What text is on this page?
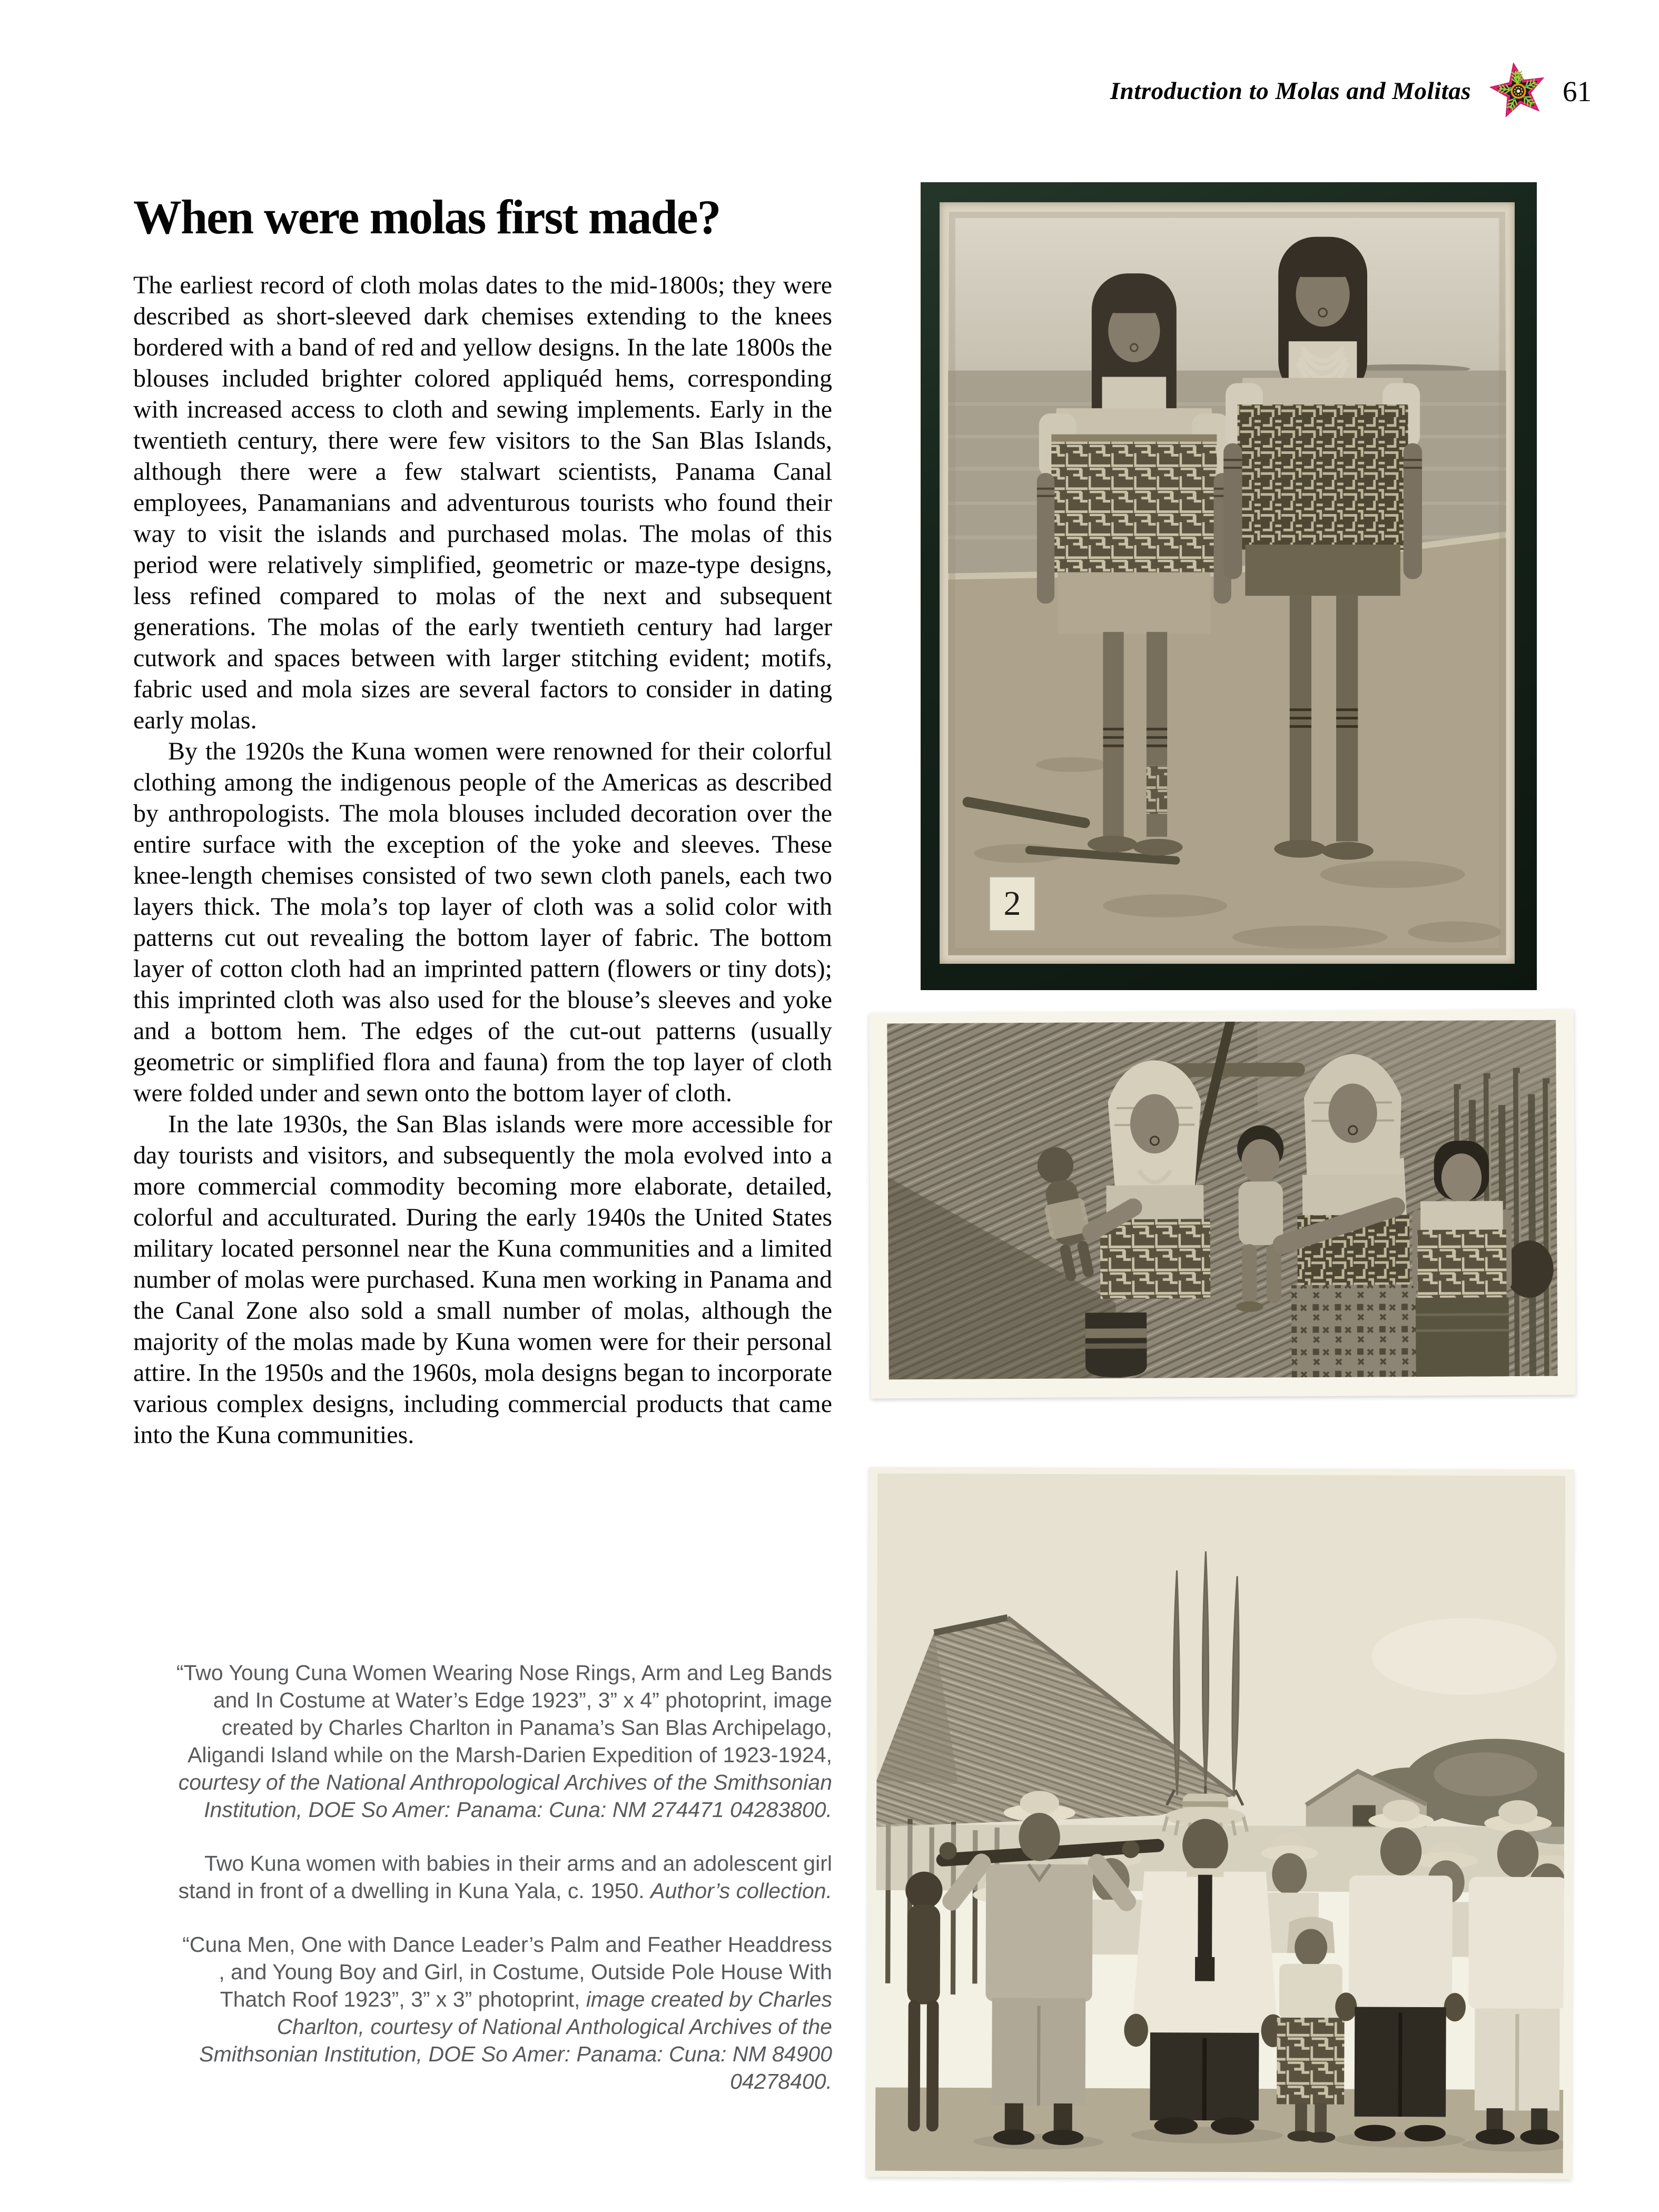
Introduction to Molas and Molitas	61
When were molas first made?

The earliest record of cloth molas dates to the mid-1800s; they were described as short-sleeved dark chemises extending to the knees bordered with a band of red and yellow designs. In the late 1800s the blouses included brighter colored appliquéd hems, corresponding with increased access to cloth and sewing implements. Early in the twentieth century, there were few visitors to the San Blas Islands, although there were a few stalwart scientists, Panama Canal employees, Panamanians and adventurous tourists who found their way to visit the islands and purchased molas. The molas of this period were relatively simplified, geometric or maze-type designs, less refined compared to molas of the next and subsequent generations. The molas of the early twentieth century had larger cutwork and spaces between with larger stitching evident; motifs, fabric used and mola sizes are several factors to consider in dating early molas.

By the 1920s the Kuna women were renowned for their colorful clothing among the indigenous people of the Americas as described by anthropologists. The mola blouses included decoration over the entire surface with the exception of the yoke and sleeves. These knee-length chemises consisted of two sewn cloth panels, each two layers thick. The mola’s top layer of cloth was a solid color with patterns cut out revealing the bottom layer of fabric. The bottom layer of cotton cloth had an imprinted pattern (flowers or tiny dots); this imprinted cloth was also used for the blouse’s sleeves and yoke and a bottom hem. The edges of the cut-out patterns (usually geometric or simplified flora and fauna) from the top layer of cloth were folded under and sewn onto the bottom layer of cloth.

In the late 1930s, the San Blas islands were more accessible for day tourists and visitors, and subsequently the mola evolved into a more commercial commodity becoming more elaborate, detailed, colorful and acculturated. During the early 1940s the United States military located personnel near the Kuna communities and a limited number of molas were purchased. Kuna men working in Panama and the Canal Zone also sold a small number of molas, although the majority of the molas made by Kuna women were for their personal attire. In the 1950s and the 1960s, mola designs began to incorporate various complex designs, including commercial products that came into the Kuna communities.

“Two Young Cuna Women Wearing Nose Rings, Arm and Leg Bands and In Costume at Water’s Edge 1923”, 3” x 4” photoprint, image created by Charles Charlton in Panama’s San Blas Archipelago, Aligandi Island while on the Marsh-Darien Expedition of 1923-1924, courtesy of the National Anthropological Archives of the Smithsonian Institution, DOE So Amer: Panama: Cuna: NM 274471 04283800.

Two Kuna women with babies in their arms and an adolescent girl stand in front of a dwelling in Kuna Yala, c. 1950. Author’s collection.

“Cuna Men, One with Dance Leader’s Palm and Feather Headdress , and Young Boy and Girl, in Costume, Outside Pole House With Thatch Roof 1923”, 3” x 3” photoprint, image created by Charles Charlton, courtesy of National Anthological Archives of the Smithsonian Institution, DOE So Amer: Panama: Cuna: NM 84900 04278400.

2
